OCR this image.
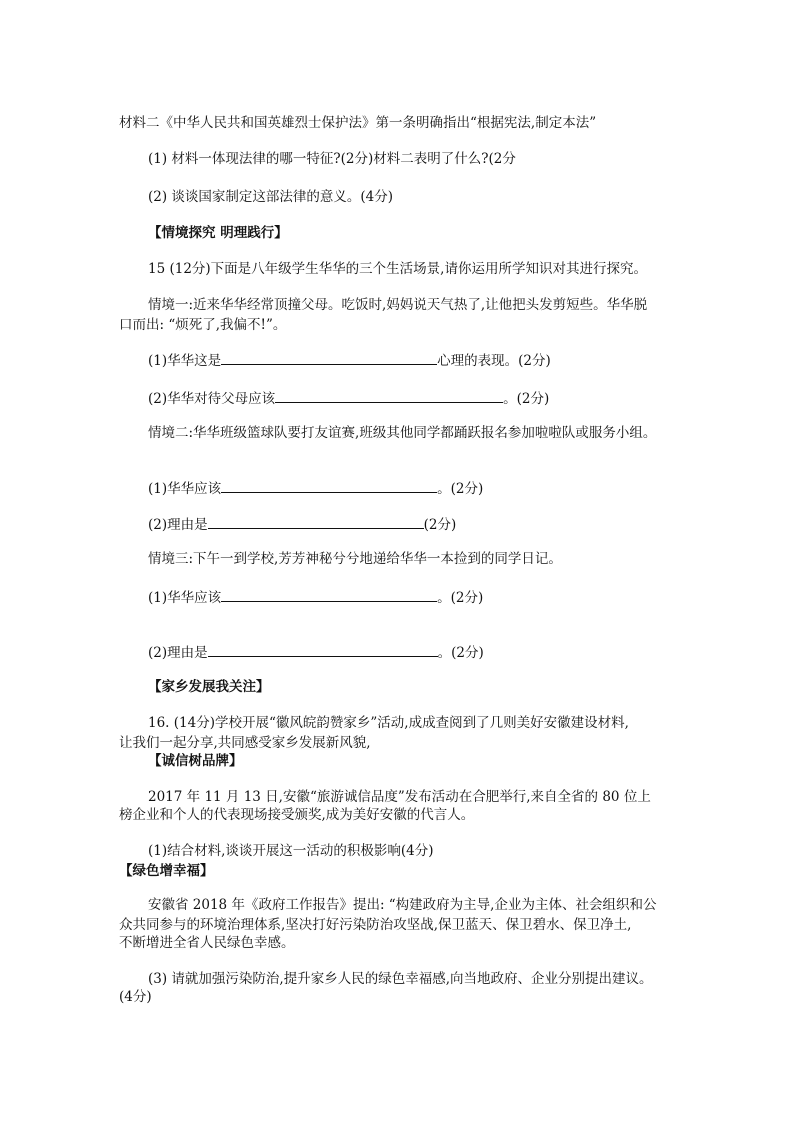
材料二《中华人民共和国英雄烈士保护法》第一条明确指出“根据宪法,制定本法”
(1) 材料一体现法律的哪一特征?(2分)材料二表明了什么?(2分
(2) 谈谈国家制定这部法律的意义。(4分)
【情境探究 明理践行】
15 (12分)下面是八年级学生华华的三个生活场景,请你运用所学知识对其进行探究。
情境一:近来华华经常顶撞父母。吃饭时,妈妈说天气热了,让他把头发剪短些。华华脱
口而出: “烦死了,我偏不!”。
(1)华华这是	心理的表现。(2分)
(2)华华对待父母应该	。(2分)
情境二:华华班级篮球队要打友谊赛,班级其他同学都踊跃报名参加啦啦队或服务小组。
(1)华华应该	。(2分)
(2)理由是	(2分)
情境三:下午一到学校,芳芳神秘兮兮地递给华华一本捡到的同学日记。
(1)华华应该	。(2分)
(2)理由是	。(2分)
【家乡发展我关注】
16. (14分)学校开展“徽风皖韵赞家乡”活动,成成查阅到了几则美好安徽建设材料,
让我们一起分享,共同感受家乡发展新风貌,
【诚信树品牌】
2017 年 11 月 13 日,安徽“旅游诚信品度”发布活动在合肥举行,来自全省的 80 位上
榜企业和个人的代表现场接受颁奖,成为美好安徽的代言人。
(1)结合材料,谈谈开展这一活动的积极影响(4分)
【绿色增幸福】
安徽省 2018 年《政府工作报告》提出: “构建政府为主导,企业为主体、社会组织和公
众共同参与的环境治理体系,坚决打好污染防治攻坚战,保卫蓝天、保卫碧水、保卫净土,
不断增进全省人民绿色幸感。
(3) 请就加强污染防治,提升家乡人民的绿色幸福感,向当地政府、企业分别提出建议。
(4分)
